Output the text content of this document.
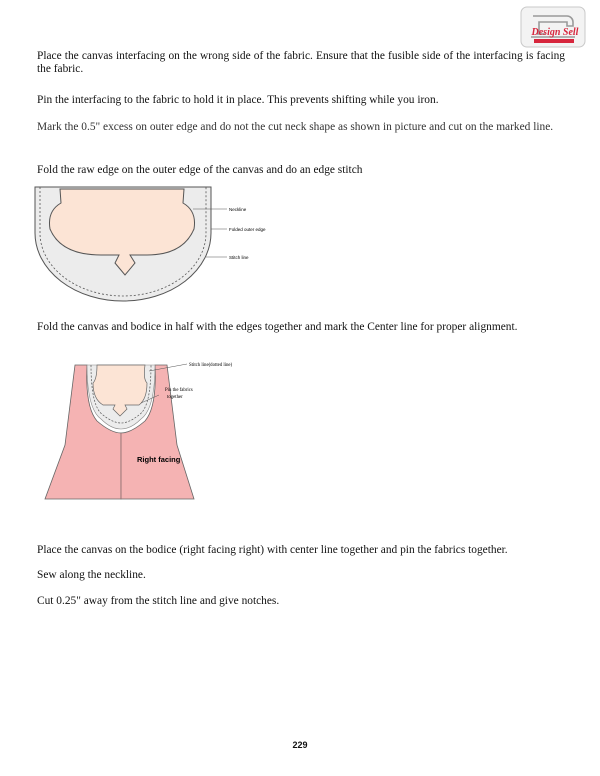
Design Sell
Place the canvas interfacing on the wrong side of the fabric. Ensure that the fusible side of the interfacing is facing the fabric.
Pin the interfacing to the fabric to hold it in place. This prevents shifting while you iron.
Mark the 0.5" excess on outer edge and do not the cut neck shape as shown in picture and cut on the marked line.
Fold the raw edge on the outer edge of the canvas and do an edge stitch
Neckline
Folded outer edge
Stitch line
Fold the canvas and bodice in half with the edges together and mark the Center line for proper alignment.
Stitch line(dotted line)
Pin the fabrics
together
Right facing
Place the canvas on the bodice (right facing right) with center line together and pin the fabrics together.
Sew along the neckline.
Cut 0.25" away from the stitch line and give notches.
229
